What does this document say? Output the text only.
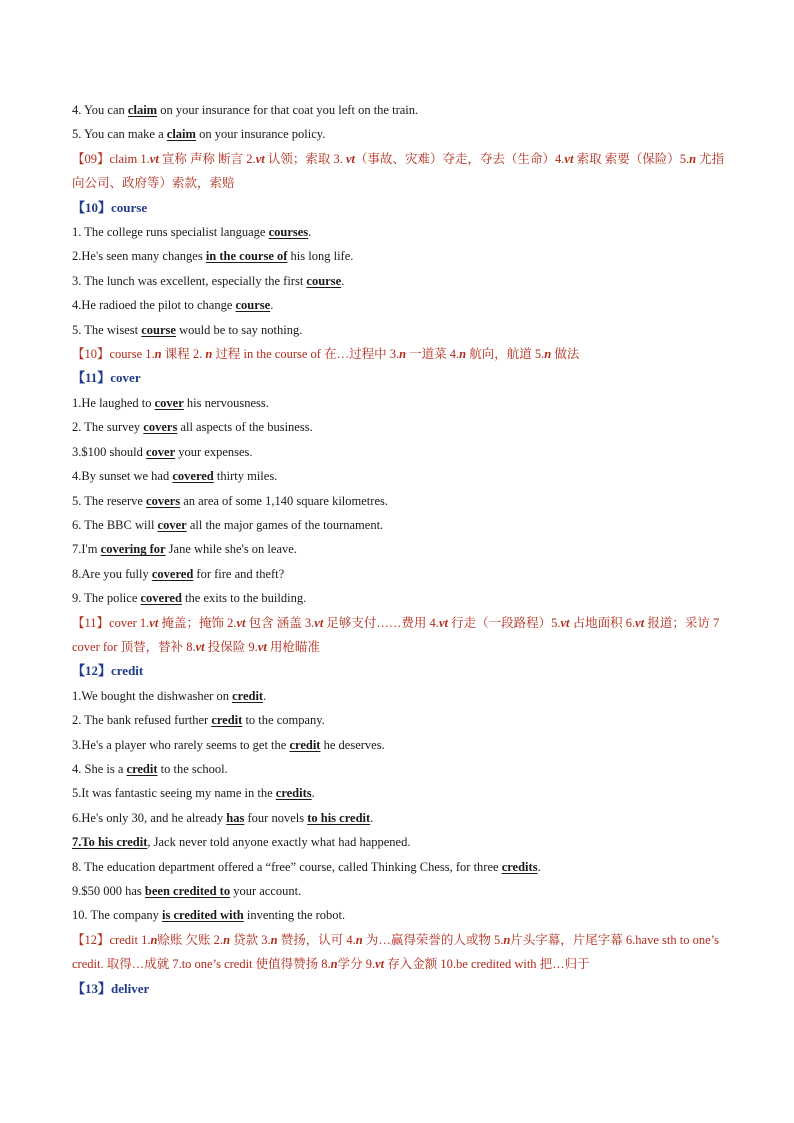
4. You can claim on your insurance for that coat you left on the train.
5. You can make a claim on your insurance policy.
【09】claim 1.vt 宣称 声称 断言 2.vt 认领；索取 3. vt（事故、灾难）夺走，夺去（生命）4.vt 索取 索要（保险）5.n 尤指向公司、政府等）索款，索赔
【10】course
1. The college runs specialist language courses.
2.He's seen many changes in the course of his long life.
3. The lunch was excellent, especially the first course.
4.He radioed the pilot to change course.
5. The wisest course would be to say nothing.
【10】course 1.n 课程 2. n 过程 in the course of 在…过程中 3.n 一道菜 4.n 航向，航道 5.n 做法
【11】cover
1.He laughed to cover his nervousness.
2. The survey covers all aspects of the business.
3.$100 should cover your expenses.
4.By sunset we had covered thirty miles.
5. The reserve covers an area of some 1,140 square kilometres.
6. The BBC will cover all the major games of the tournament.
7.I'm covering for Jane while she's on leave.
8.Are you fully covered for fire and theft?
9. The police covered the exits to the building.
【11】cover 1.vt 掩盖；掩饰 2.vt 包含 涵盖 3.vt 足够支付……费用 4.vt 行走（一段路程）5.vt 占地面积 6.vt 报道；采访 7 cover for 顶替，替补 8.vt 投保险 9.vt 用枪瞄准
【12】credit
1.We bought the dishwasher on credit.
2. The bank refused further credit to the company.
3.He's a player who rarely seems to get the credit he deserves.
4. She is a credit to the school.
5.It was fantastic seeing my name in the credits.
6.He's only 30, and he already has four novels to his credit.
7.To his credit, Jack never told anyone exactly what had happened.
8. The education department offered a “free” course, called Thinking Chess, for three credits.
9.$50 000 has been credited to your account.
10. The company is credited with inventing the robot.
【12】credit 1.n赊账 欠账 2.n 贷款 3.n 赞扬，认可 4.n 为…赢得荣誉的人或物 5.n片头字幕，片尾字幕 6.have sth to one’s credit. 取得…成就 7.to one’s credit 使值得赞扬 8.n学分 9.vt 存入金额 10.be credited with 把…归于
【13】deliver
